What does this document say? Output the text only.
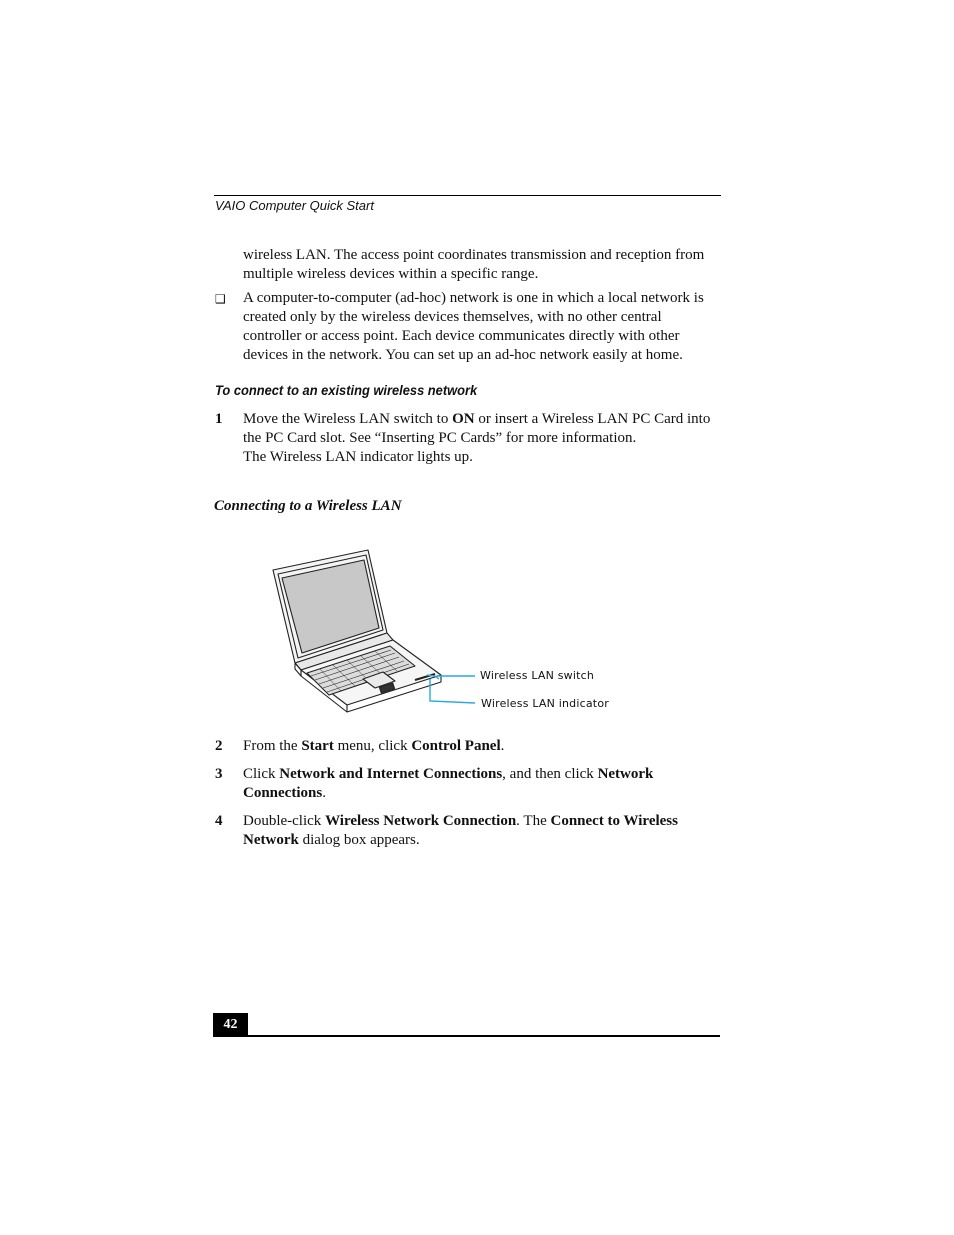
VAIO Computer Quick Start

wireless LAN. The access point coordinates transmission and reception from multiple wireless devices within a specific range.

❑ A computer-to-computer (ad-hoc) network is one in which a local network is created only by the wireless devices themselves, with no other central controller or access point. Each device communicates directly with other devices in the network. You can set up an ad-hoc network easily at home.

To connect to an existing wireless network
1 Move the Wireless LAN switch to ON or insert a Wireless LAN PC Card into the PC Card slot. See “Inserting PC Cards” for more information.
The Wireless LAN indicator lights up.

Connecting to a Wireless LAN
Wireless LAN switch
Wireless LAN indicator
2 From the Start menu, click Control Panel.

3 Click Network and Internet Connections, and then click Network Connections.

4 Double-click Wireless Network Connection. The Connect to Wireless Network dialog box appears.

42
